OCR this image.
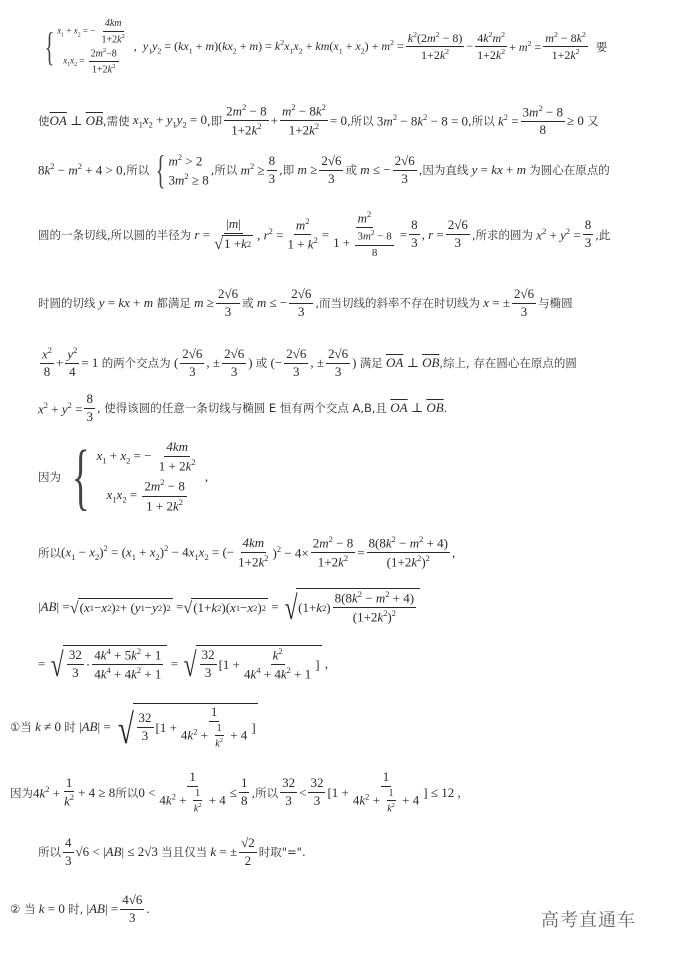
{ $x_1 + x_2$ = − $\frac{4km}{1+2k^2}$
$x_1x_2 = \frac{2m^2-8}{1+2k^2}$
,  $y_1y_2 = (kx_1 + m)(kx_2 + m) = k^2x_1x_2 + km(x_1 + x_2) + m^2 = \frac{k^2(2m^2 - 8)}{1+2k^2} - \frac{4k^2m^2}{1+2k^2} + m^2 = \frac{m^2 - 8k^2}{1+2k^2}$ 要
使 $\overline{OA}$ ⊥ $\overline{OB}$ ,需使 $x_1x_2 + y_1y_2 = 0$ ,即 $\frac{2m^2 - 8}{1+2k^2} + \frac{m^2 - 8k^2}{1+2k^2} = 0$ ,所以 $3m^2 - 8k^2 - 8 = 0$ ,所以 $k^2 = \frac{3m^2 - 8}{8} \ge 0$ 又
$8k^2 - m^2 + 4 > 0$ ,所以 { $m^2 > 2$
$3m^2 \ge 8$
,所以 $m^2 \ge \frac{8}{3}$ ,即 $m \ge \frac{2√6}{3}$ 或 m ≤ − $\frac{2√6}{3}$ ,因为直线 y = kx + m 为圆心在原点的
圆的一条切线,所以圆的半径为 $r = \frac{|m|}{√ 1 + k 2}$ , $r^2 = \frac{m^2}{1 + k^2} = \frac{m^2}{1 + \frac{3m^2 - 8}{8}} = \frac{8}{3}$ , $r = \frac{2√6}{3}$ ,所求的圆为 $x^2 + y^2 = \frac{8}{3}$ ,此
时圆的切线 y = kx + m 都满足 $m \ge \frac{2√6}{3}$ 或 m ≤ − $\frac{2√6}{3}$ ,而当切线的斜率不存在时切线为 x = ± $\frac{2√6}{3}$ 与椭圆
$\frac{x^2}{8} + \frac{y^2}{4} = 1$ 的两个交点为 ( $\frac{2√6}{3}$ , ± $\frac{2√6}{3}$ ) 或 (− $\frac{2√6}{3}$ , ± $\frac{2√6}{3}$ ) 满足 $\overline{OA}$ ⊥ $\overline{OB}$ ,综上, 存在圆心在原点的圆
$x^2 + y^2 = \frac{8}{3}$ , 使得该圆的任意一条切线与椭圆 E 恒有两个交点 A,B,且 $\overline{OA}$ ⊥ $\overline{OB}$.
因为 { $x_1 + x_2$ = − $\frac{4km}{1 + 2k^2}$
$x_1x_2 = \frac{2m^2 - 8}{1 + 2k^2}$
,
所以 $(x_1 - x_2)^2 = (x_1 + x_2)^2 - 4x_1x_2$ = (− $\frac{4km}{1+2k^2} )^2 - 4\times \frac{2m^2 - 8}{1+2k^2} = \frac{8(8k^2 - m^2 + 4)}{(1+2k^2)^2}$ ,
|AB| = √ ( x 1 − x 2 ) 2 + ( y 1 − y 2 ) 2 = √ (1+ k 2 )( x 1 − x 2 ) 2 = √ (1+ k 2 ) $\frac{8(8k^2 - m^2 + 4)}{(1+2k^2)^2}$
= √ $\frac{32}{3} \cdot \frac{4k^4 + 5k^2 + 1}{4k^4 + 4k^2 + 1}$ = √ $\frac{32}{3} [1 + \frac{k^2}{4k^4 + 4k^2 + 1}$ ] ,
①当 k ≠ 0 时 |AB| = √ $\frac{32}{3} [1 + \frac{1}{4k^2 + \frac{1}{k^2} + 4}$ ]
因为 $4k^2 + \frac{1}{k^2} + 4 \ge 8$ 所以 $0 < \frac{1}{4k^2 + \frac{1}{k^2} + 4} \le \frac{1}{8}$ ,所以 $\frac{32}{3} < \frac{32}{3} [1 + \frac{1}{4k^2 + \frac{1}{k^2} + 4}$ ] ≤ 12 ,
所以 $\frac{4}{3} √6 < |AB| \le 2√3$ 当且仅当 k = ± $\frac{√2}{2}$ 时取"=".
② 当 k = 0 时, $|AB| = \frac{4√6}{3}$ .
高考直通车
